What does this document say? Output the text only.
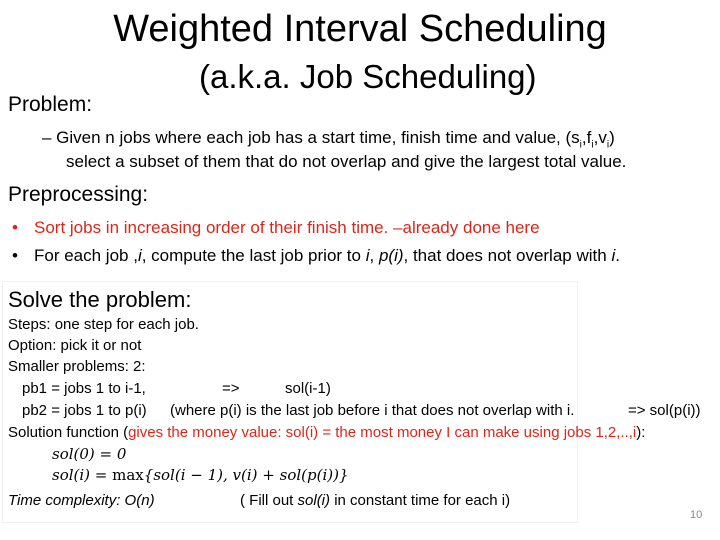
Weighted Interval Scheduling
(a.k.a. Job Scheduling)
Problem:
– Given n jobs where each job has a start time, finish time and value, $(s_i,f_i,v_i)$
select a subset of them that do not overlap and give the largest total value.
Preprocessing:
• Sort jobs in increasing order of their finish time. –already done here
• For each job ,i, compute the last job prior to i, p(i), that does not overlap with i.
Solve the problem:
Steps: one step for each job.
Option: pick it or not
Smaller problems: 2:
pb1 = jobs 1 to i-1,	=>	sol(i-1)
pb2 = jobs 1 to p(i) (where p(i) is the last job before i that does not overlap with i.	=> sol(p(i))
Solution function (gives the money value: sol(i) = the most money I can make using jobs 1,2,..,i):
sol(0) = 0
sol(i) = max{sol(i − 1), v(i) + sol(p(i))}
Time complexity: O(n)	( Fill out sol(i) in constant time for each i)
10
